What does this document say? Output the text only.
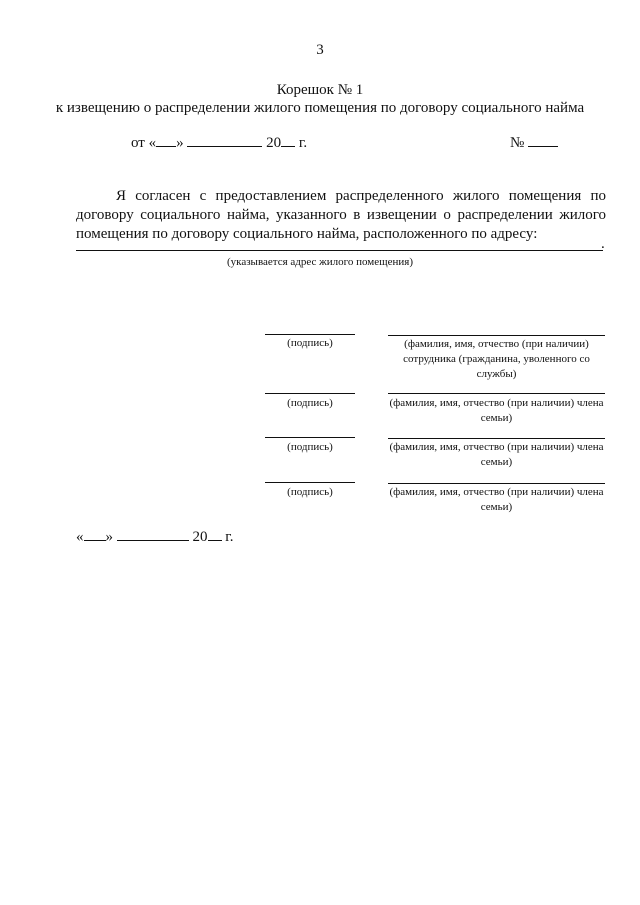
3
Корешок № 1
к извещению о распределении жилого помещения по договору социального найма
от « »	20 г.	№
Я согласен с предоставлением распределенного жилого помещения по договору социального найма, указанного в извещении о распределении жилого помещения по договору социального найма, расположенного по адресу:
.
(указывается адрес жилого помещения)
(подпись)	(фамилия, имя, отчество (при наличии) сотрудника (гражданина, уволенного со службы)
(подпись)	(фамилия, имя, отчество (при наличии) члена семьи)
(подпись)	(фамилия, имя, отчество (при наличии) члена семьи)
(подпись)	(фамилия, имя, отчество (при наличии) члена семьи)
« »	20 г.
